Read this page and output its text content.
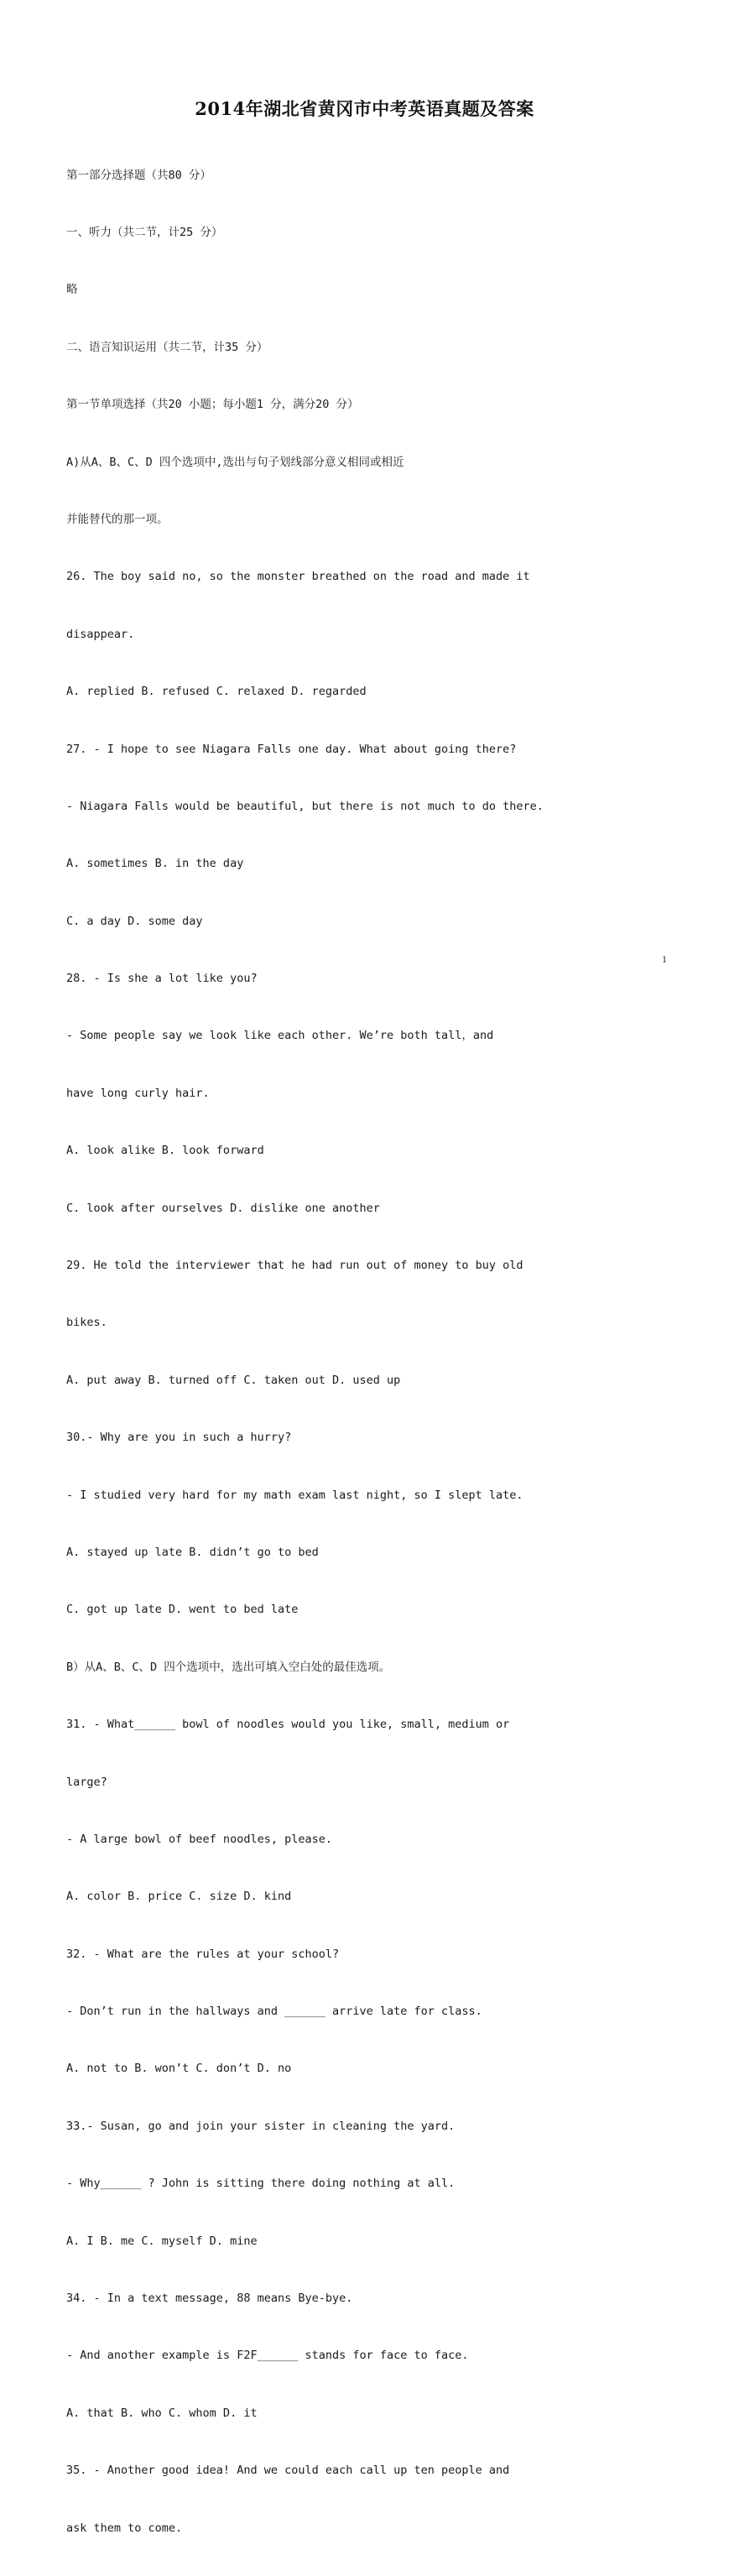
2014年湖北省黄冈市中考英语真题及答案

第一部分选择题（共80 分）

一、听力（共二节，计25 分）

略

二、语言知识运用（共二节，计35 分）

第一节单项选择（共20 小题；每小题1 分，满分20 分）

A)从A、B、C、D 四个选项中,选出与句子划线部分意义相同或相近

并能替代的那一项。

26. The boy said no, so the monster breathed on the road and made it

disappear.

A. replied B. refused C. relaxed D. regarded

27. - I hope to see Niagara Falls one day. What about going there?

- Niagara Falls would be beautiful, but there is not much to do there.

A. sometimes B. in the day

C. a day D. some day

28. - Is she a lot like you?

- Some people say we look like each other. We’re both tall，and

have long curly hair.

A. look alike B. look forward

C. look after ourselves D. dislike one another

29. He told the interviewer that he had run out of money to buy old

bikes.

A. put away B. turned off C. taken out D. used up

30.- Why are you in such a hurry?

- I studied very hard for my math exam last night, so I slept late.

A. stayed up late B. didn’t go to bed

C. got up late D. went to bed late

B）从A、B、C、D 四个选项中，选出可填入空白处的最佳选项。

31. - What______ bowl of noodles would you like, small, medium or

large?

- A large bowl of beef noodles, please.

A. color B. price C. size D. kind

32. - What are the rules at your school?

- Don’t run in the hallways and ______ arrive late for class.

A. not to B. won’t C. don’t D. no

33.- Susan, go and join your sister in cleaning the yard.

- Why______ ? John is sitting there doing nothing at all.

A. I B. me C. myself D. mine

34. - In a text message, 88 means Bye-bye.

- And another example is F2F______ stands for face to face.

A. that B. who C. whom D. it

35. - Another good idea! And we could each call up ten people and

ask them to come.

1
